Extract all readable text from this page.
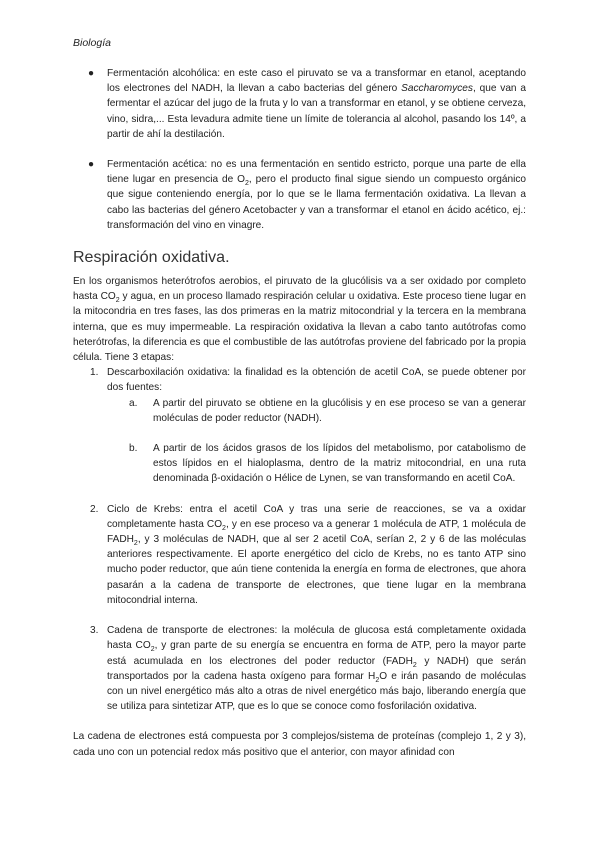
Biología
● Fermentación alcohólica: en este caso el piruvato se va a transformar en etanol, aceptando los electrones del NADH, la llevan a cabo bacterias del género Saccharomyces, que van a fermentar el azúcar del jugo de la fruta y lo van a transformar en etanol, y se obtiene cerveza, vino, sidra,... Esta levadura admite tiene un límite de tolerancia al alcohol, pasando los 14º, a partir de ahí la destilación.
● Fermentación acética: no es una fermentación en sentido estricto, porque una parte de ella tiene lugar en presencia de $O_2$, pero el producto final sigue siendo un compuesto orgánico que sigue conteniendo energía, por lo que se le llama fermentación oxidativa. La llevan a cabo las bacterias del género Acetobacter y van a transformar el etanol en ácido acético, ej.: transformación del vino en vinagre.
Respiración oxidativa.

En los organismos heterótrofos aerobios, el piruvato de la glucólisis va a ser oxidado por completo hasta $CO_2$ y agua, en un proceso llamado respiración celular u oxidativa. Este proceso tiene lugar en la mitocondria en tres fases, las dos primeras en la matriz mitocondrial y la tercera en la membrana interna, que es muy impermeable. La respiración oxidativa la llevan a cabo tanto autótrofas como heterótrofas, la diferencia es que el combustible de las autótrofas proviene del fabricado por la propia célula. Tiene 3 etapas:

1. Descarboxilación oxidativa: la finalidad es la obtención de acetil CoA, se puede obtener por dos fuentes:
a. A partir del piruvato se obtiene en la glucólisis y en ese proceso se van a generar moléculas de poder reductor (NADH).
b. A partir de los ácidos grasos de los lípidos del metabolismo, por catabolismo de estos lípidos en el hialoplasma, dentro de la matriz mitocondrial, en una ruta denominada β-oxidación o Hélice de Lynen, se van transformando en acetil CoA.
2. Ciclo de Krebs: entra el acetil CoA y tras una serie de reacciones, se va a oxidar completamente hasta $CO_2$, y en ese proceso va a generar 1 molécula de ATP, 1 molécula de $FADH_2$, y 3 moléculas de NADH, que al ser 2 acetil CoA, serían 2, 2 y 6 de las moléculas anteriores respectivamente. El aporte energético del ciclo de Krebs, no es tanto ATP sino mucho poder reductor, que aún tiene contenida la energía en forma de electrones, que ahora pasarán a la cadena de transporte de electrones, que tiene lugar en la membrana mitocondrial interna.
3. Cadena de transporte de electrones: la molécula de glucosa está completamente oxidada hasta $CO_2$, y gran parte de su energía se encuentra en forma de ATP, pero la mayor parte está acumulada en los electrones del poder reductor ($FADH_2$ y NADH) que serán transportados por la cadena hasta oxígeno para formar $H_2O$ e irán pasando de moléculas con un nivel energético más alto a otras de nivel energético más bajo, liberando energía que se utiliza para sintetizar ATP, que es lo que se conoce como fosforilación oxidativa.

La cadena de electrones está compuesta por 3 complejos/sistema de proteínas (complejo 1, 2 y 3), cada uno con un potencial redox más positivo que el anterior, con mayor afinidad con
